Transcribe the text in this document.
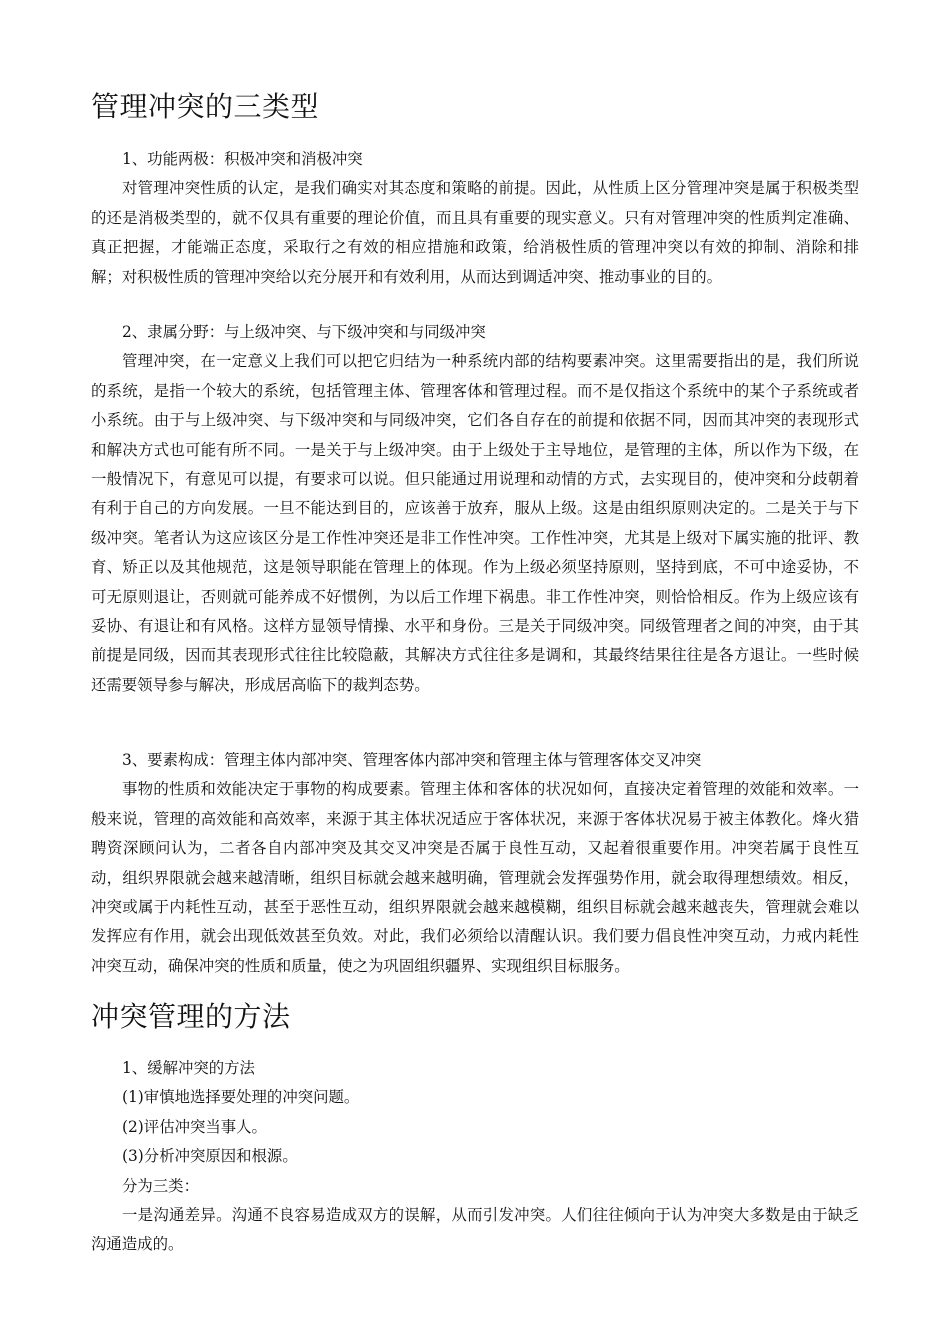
管理冲突的三类型

1、功能两极：积极冲突和消极冲突

对管理冲突性质的认定，是我们确实对其态度和策略的前提。因此，从性质上区分管理冲突是属于积极类型的还是消极类型的，就不仅具有重要的理论价值，而且具有重要的现实意义。只有对管理冲突的性质判定准确、真正把握，才能端正态度，采取行之有效的相应措施和政策，给消极性质的管理冲突以有效的抑制、消除和排解；对积极性质的管理冲突给以充分展开和有效利用，从而达到调适冲突、推动事业的目的。

2、隶属分野：与上级冲突、与下级冲突和与同级冲突

管理冲突，在一定意义上我们可以把它归结为一种系统内部的结构要素冲突。这里需要指出的是，我们所说的系统，是指一个较大的系统，包括管理主体、管理客体和管理过程。而不是仅指这个系统中的某个子系统或者小系统。由于与上级冲突、与下级冲突和与同级冲突，它们各自存在的前提和依据不同，因而其冲突的表现形式和解决方式也可能有所不同。一是关于与上级冲突。由于上级处于主导地位，是管理的主体，所以作为下级，在一般情况下，有意见可以提，有要求可以说。但只能通过用说理和动情的方式，去实现目的，使冲突和分歧朝着有利于自己的方向发展。一旦不能达到目的，应该善于放弃，服从上级。这是由组织原则决定的。二是关于与下级冲突。笔者认为这应该区分是工作性冲突还是非工作性冲突。工作性冲突，尤其是上级对下属实施的批评、教育、矫正以及其他规范，这是领导职能在管理上的体现。作为上级必须坚持原则，坚持到底，不可中途妥协，不可无原则退让，否则就可能养成不好惯例，为以后工作埋下祸患。非工作性冲突，则恰恰相反。作为上级应该有妥协、有退让和有风格。这样方显领导情操、水平和身份。三是关于同级冲突。同级管理者之间的冲突，由于其前提是同级，因而其表现形式往往比较隐蔽，其解决方式往往多是调和，其最终结果往往是各方退让。一些时候还需要领导参与解决，形成居高临下的裁判态势。

3、要素构成：管理主体内部冲突、管理客体内部冲突和管理主体与管理客体交叉冲突

事物的性质和效能决定于事物的构成要素。管理主体和客体的状况如何，直接决定着管理的效能和效率。一般来说，管理的高效能和高效率，来源于其主体状况适应于客体状况，来源于客体状况易于被主体教化。烽火猎聘资深顾问认为，二者各自内部冲突及其交叉冲突是否属于良性互动，又起着很重要作用。冲突若属于良性互动，组织界限就会越来越清晰，组织目标就会越来越明确，管理就会发挥强势作用，就会取得理想绩效。相反，冲突或属于内耗性互动，甚至于恶性互动，组织界限就会越来越模糊，组织目标就会越来越丧失，管理就会难以发挥应有作用，就会出现低效甚至负效。对此，我们必须给以清醒认识。我们要力倡良性冲突互动，力戒内耗性冲突互动，确保冲突的性质和质量，使之为巩固组织疆界、实现组织目标服务。

冲突管理的方法

1、缓解冲突的方法

(1)审慎地选择要处理的冲突问题。

(2)评估冲突当事人。

(3)分析冲突原因和根源。

分为三类：

一是沟通差异。沟通不良容易造成双方的误解，从而引发冲突。人们往往倾向于认为冲突大多数是由于缺乏沟通造成的。
